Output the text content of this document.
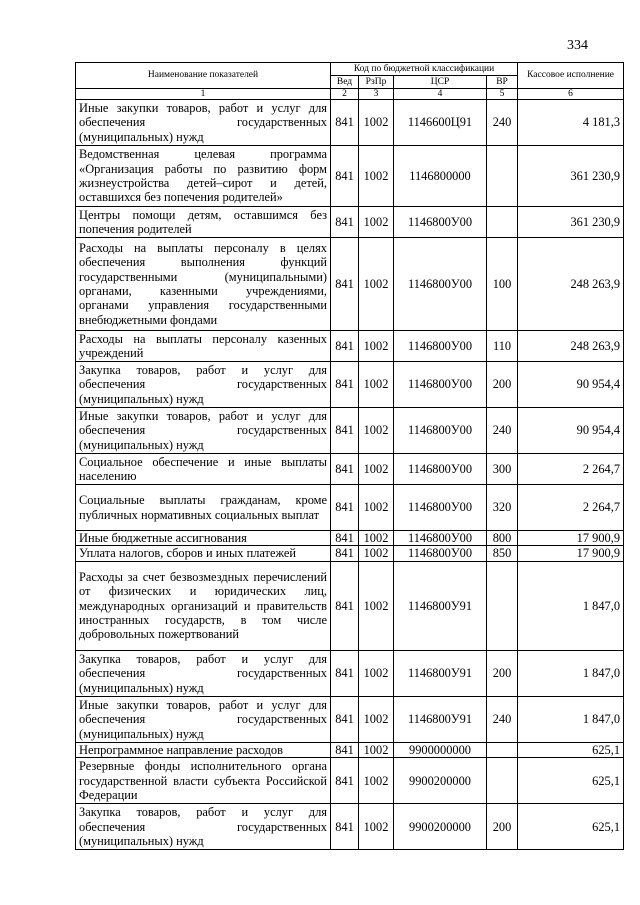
334
Наименование показателей	Код по бюджетной классификации				Кассовое исполнение
	Вед	РзПр	ЦСР	ВР	
1	2	3	4	5	6
Иные закупки товаров, работ и услуг для обеспечения государственных (муниципальных) нужд	841	1002	1146600Ц91	240	4 181,3
Ведомственная целевая программа «Организация работы по развитию форм жизнеустройства детей–сирот и детей, оставшихся без попечения родителей»	841	1002	1146800000		361 230,9
Центры помощи детям, оставшимся без попечения родителей	841	1002	1146800У00		361 230,9
Расходы на выплаты персоналу в целях обеспечения выполнения функций государственными (муниципальными) органами, казенными учреждениями, органами управления государственными внебюджетными фондами	841	1002	1146800У00	100	248 263,9
Расходы на выплаты персоналу казенных учреждений	841	1002	1146800У00	110	248 263,9
Закупка товаров, работ и услуг для обеспечения государственных (муниципальных) нужд	841	1002	1146800У00	200	90 954,4
Иные закупки товаров, работ и услуг для обеспечения государственных (муниципальных) нужд	841	1002	1146800У00	240	90 954,4
Социальное обеспечение и иные выплаты населению	841	1002	1146800У00	300	2 264,7
Социальные выплаты гражданам, кроме публичных нормативных социальных выплат	841	1002	1146800У00	320	2 264,7
Иные бюджетные ассигнования	841	1002	1146800У00	800	17 900,9
Уплата налогов, сборов и иных платежей	841	1002	1146800У00	850	17 900,9
Расходы за счет безвозмездных перечислений от физических и юридических лиц, международных организаций и правительств иностранных государств, в том числе добровольных пожертвований	841	1002	1146800У91		1 847,0
Закупка товаров, работ и услуг для обеспечения государственных (муниципальных) нужд	841	1002	1146800У91	200	1 847,0
Иные закупки товаров, работ и услуг для обеспечения государственных (муниципальных) нужд	841	1002	1146800У91	240	1 847,0
Непрограммное направление расходов	841	1002	9900000000		625,1
Резервные фонды исполнительного органа государственной власти субъекта Российской Федерации	841	1002	9900200000		625,1
Закупка товаров, работ и услуг для обеспечения государственных (муниципальных) нужд	841	1002	9900200000	200	625,1
